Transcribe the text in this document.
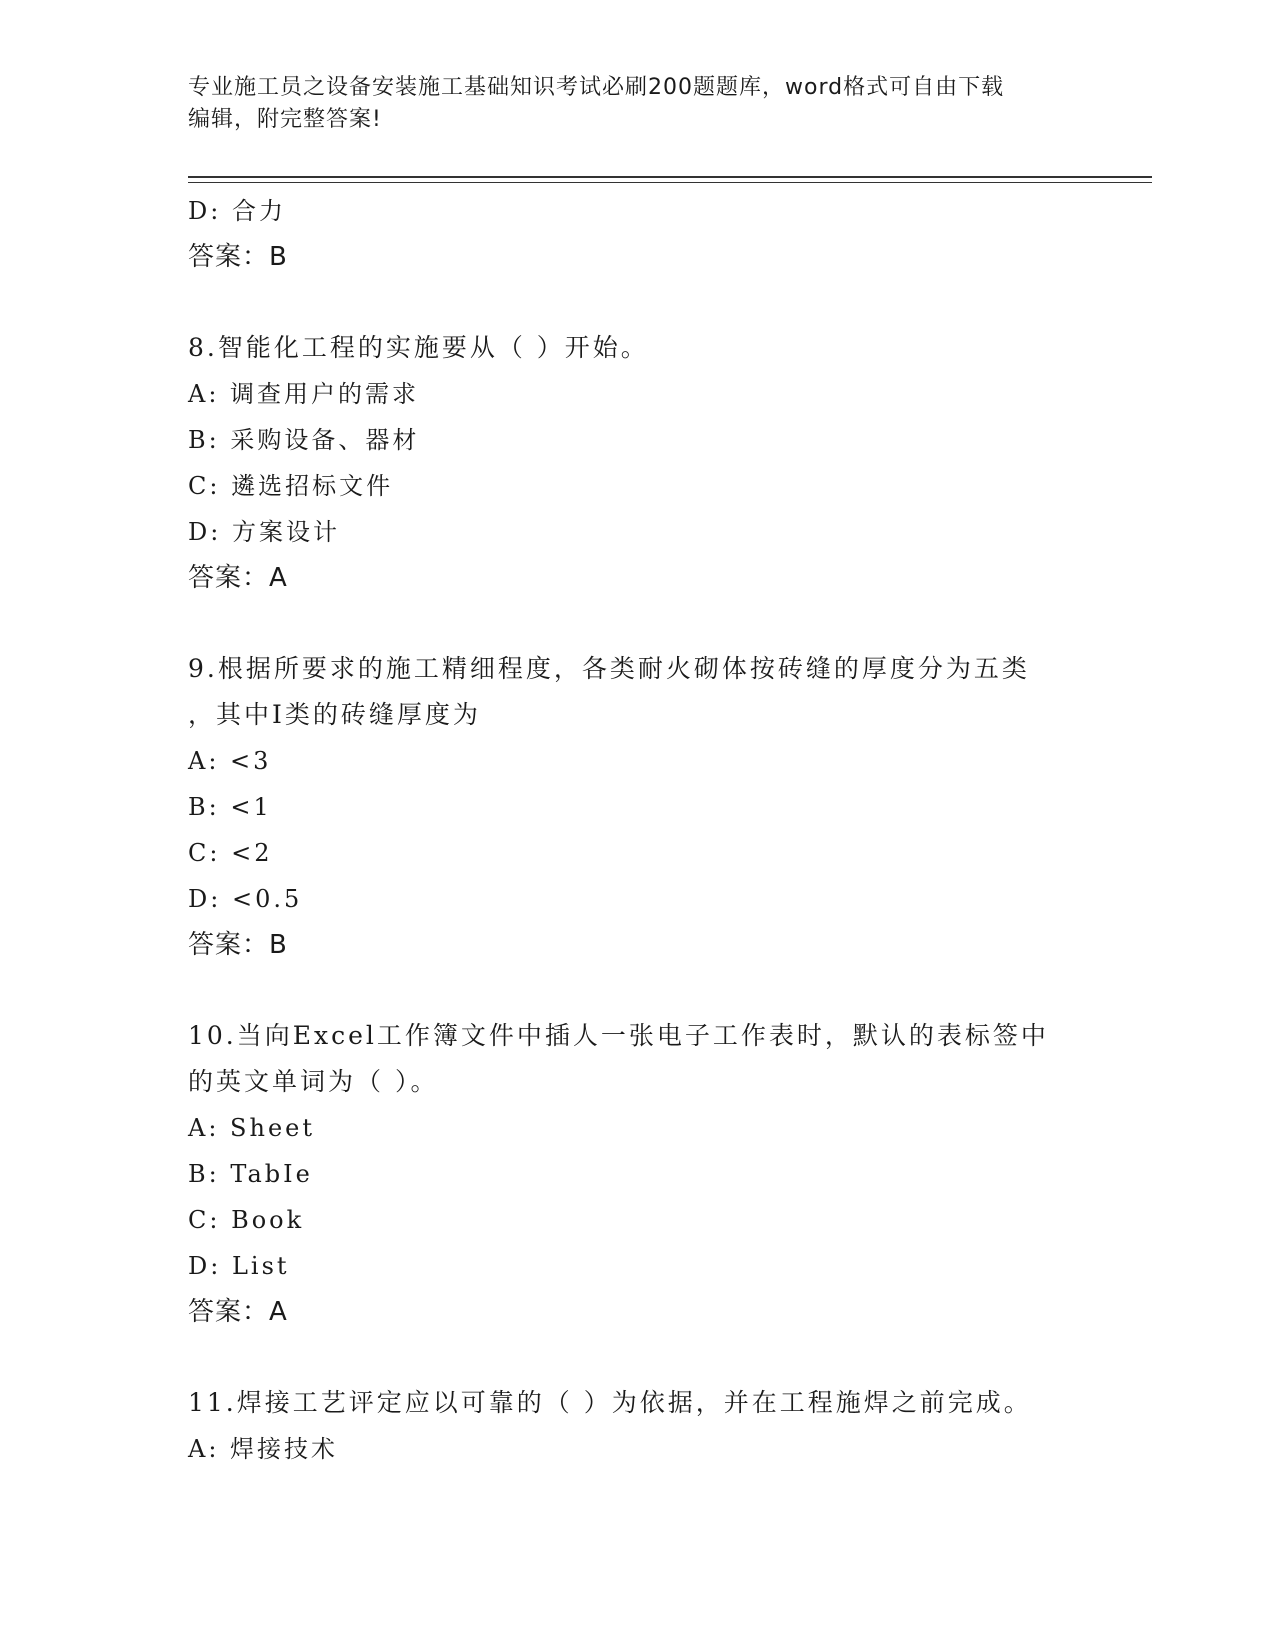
专业施工员之设备安装施工基础知识考试必刷200题题库，word格式可自由下载
编辑，附完整答案!
D: 合力
答案：B
8.智能化工程的实施要从（ ）开始。
A: 调查用户的需求
B: 采购设备、器材
C: 遴选招标文件
D: 方案设计
答案：A
9.根据所要求的施工精细程度，各类耐火砌体按砖缝的厚度分为五类
，其中I类的砖缝厚度为
A: <3
B: <1
C: <2
D: <0.5
答案：B
10.当向Excel工作簿文件中插人一张电子工作表时，默认的表标签中
的英文单词为（ ）。
A: Sheet
B: TabIe
C: Book
D: List
答案：A
11.焊接工艺评定应以可靠的（ ）为依据，并在工程施焊之前完成。
A: 焊接技术
